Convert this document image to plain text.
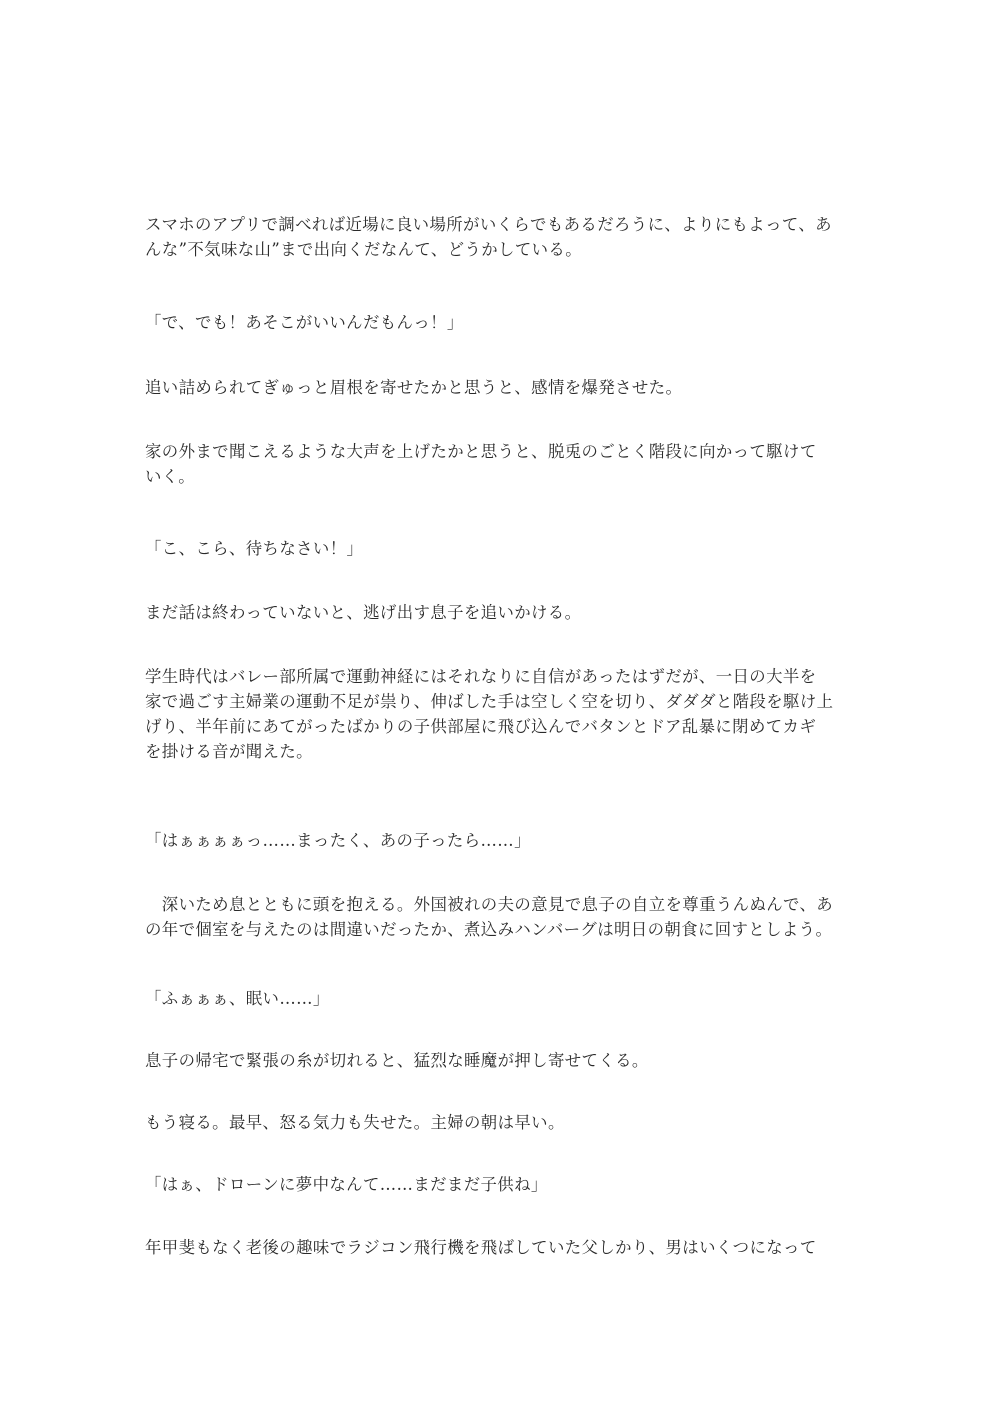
スマホのアプリで調べれば近場に良い場所がいくらでもあるだろうに、よりにもよって、あ
んな”不気味な山”まで出向くだなんて、どうかしている。
「で、でも！あそこがいいんだもんっ！」
追い詰められてぎゅっと眉根を寄せたかと思うと、感情を爆発させた。
家の外まで聞こえるような大声を上げたかと思うと、脱兎のごとく階段に向かって駆けて
いく。
「こ、こら、待ちなさい！」
まだ話は終わっていないと、逃げ出す息子を追いかける。
学生時代はバレー部所属で運動神経にはそれなりに自信があったはずだが、一日の大半を
家で過ごす主婦業の運動不足が祟り、伸ばした手は空しく空を切り、ダダダと階段を駆け上
げり、半年前にあてがったばかりの子供部屋に飛び込んでバタンとドア乱暴に閉めてカギ
を掛ける音が聞えた。
「はぁぁぁぁっ……まったく、あの子ったら……」
　深いため息とともに頭を抱える。外国被れの夫の意見で息子の自立を尊重うんぬんで、あ
の年で個室を与えたのは間違いだったか、煮込みハンバーグは明日の朝食に回すとしよう。
「ふぁぁぁ、眠い……」
息子の帰宅で緊張の糸が切れると、猛烈な睡魔が押し寄せてくる。
もう寝る。最早、怒る気力も失せた。主婦の朝は早い。
「はぁ、ドローンに夢中なんて……まだまだ子供ね」
年甲斐もなく老後の趣味でラジコン飛行機を飛ばしていた父しかり、男はいくつになって
